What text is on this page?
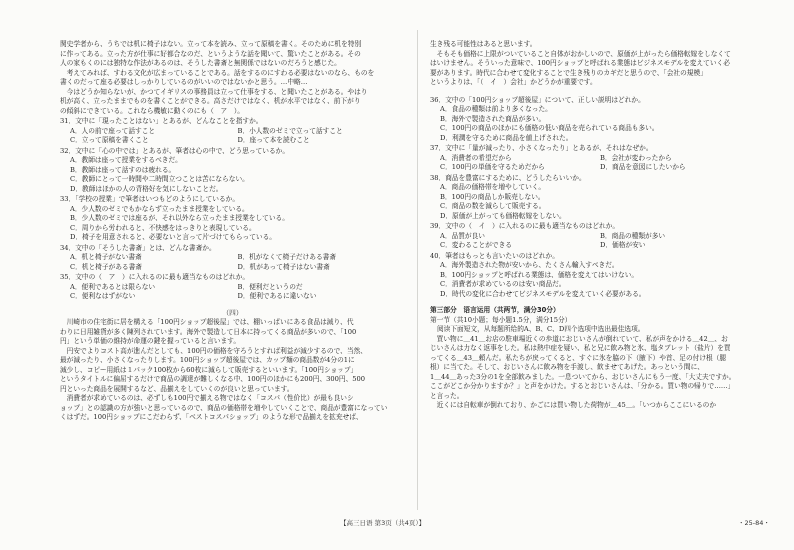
関史学者から、うちでは机に椅子はない。立って本を読み、立って原稿を書く。そのために机を特別

に作ってある。立った方が仕事に好都合なのだ、というような話を聞いて、驚いたことがある。その

人の家もくのには独特な作法があるのは、そうした書斎と無関係ではないのだろうと感じた。

　考えてみれば、すわる文化が広まっていることである。話をするのにすわる必要はないのなら、ものを

書くのだって座る必要はしっかりしているのがいいのではないかと思う。…中略…

　今はどうか知らないが、かつてイギリスの事務員は立って仕事をする、と聞いたことがある。やはり

机が高く、立ったままでものを書くことができる。高さだけではなく、机が水平ではなく、前下がり

の傾斜にできている。これなら機敏に動くのにも（　ア　）。

31．文中に「現ったことはない」とあるが、どんなことを指すか。

A．人の前で座って話すこと	B．小人数のゼミで立って話すこと
C．立って原稿を書くこと	D．座って本を読むこと

32．文中に「心の中では」とあるが、筆者は心の中で、どう思っているか。

A．教師は座って授業をするべきだ。

B．教師は座って話すのは疲れる。

C．教師にとって一時間や二時間立つことは苦にならない。

D．教師はほかの人の背格好を気にしないことだ。

33．「学校の授業」で筆者はいつもどのようにしているか。

A．少人数のゼミでもかならず立ったまま授業をしている。

B．少人数のゼミでは座るが、それ以外なら立ったまま授業をしている。

C．周りから労われると、不快感をはっきりと表現している。

D．椅子を用意されると、必要ないと言って片づけてもらっている。

34．文中の「そうした書斎」とは、どんな書斎か。

A．机と椅子がない書斎	B．机がなくて椅子だけある書斎
C．机と椅子がある書斎	D．机があって椅子はない書斎

35．文中の（　ア　）に入れるのに最も適当なものはどれか。

A．便利であるとは限らない	B．便利だというのだ
C．便利なはずがない	D．便利であるに違いない

（四）

　川崎市の住宅街に居を構える「100円ショップ超後屋」では、棚いっぱいにある食品は減り、代

わりに日用雑貨が多く陳列されています。海外で製造して日本に持ってくる商品が多いので、「100

円」という単価の維持が命運の鍵を握っていると言います。

　円安でよりコスト高が進んだとしても、100円の価格を守ろうとすれば利益が減少するので、当然、

最が減ったり、小さくなったりします。100円ショップ超後屋では、カップ麺の商品数が4分の1に

減少し、コピー用紙は１パック100枚から60枚に減らして販売するといいます。「100円ショップ」

というタイトルに偏屈するだけで商品の調達が難しくなる中、100円のほかにも200円、300円、500

円といった商品を展開するなど、品揃えをしていくのが良いと思っています。

　消費者が求めているのは、必ずしも100円で揃える物ではなく「コスパ（性价比）が最も良いシ

ョップ」との認識の方が強いと思っているので、商品の価格帯を増やしていくことで、商品が豊富になってい

くはずだ。100円ショップにこだわらず、「ベストコスパショップ」のような形で品揃えを拡充せば、

生き残る可能性はあると思います。

　そもそも価格に上限がついていること自体がおかしいので、原価が上がったら価格転嫁をしなくて

はいけません。そういった意味で、100円ショップと呼ばれる業態はビジネスモデルを変えていく必

要があります。時代に合わせて変化することで生き残りのカギだと思うので、「会社の規模」

というよりは、「（　イ　）会社」かどうかが重要です。

36．文中の「100円ショップ超後屋」について、正しい説明はどれか。

A．食品の種類は前より多くなった。

B．海外で製造された商品が多い。

C．100円の商品のほかにも価格の低い商品を売られている商品も多い。

D．利潤を守るために商品を値上げされた。

37．文中に「量が減ったり、小さくなったり」とあるが、それはなぜか。

A．消費者の希望だから	B．会社が変わったから
C．100円の単価を守るためだから	D．商品を意図にしたいから

38．商品を豊富にするために、どうしたらいいか。

A．商品の価格帯を増やしていく。

B．100円の商品しか販売しない。

C．商品の数を減らして販売する。

D．原価が上がっても価格転嫁をしない。

39．文中の（　イ　）に入れるのに最も適当なものはどれか。

A．品質が良い	B．商品の種類が多い
C．変わることができる	D．価格が安い

40．筆者はもっとも言いたいのはどれか。

A．海外製造された物が安いから、たくさん輸入すべきだ。

B．100円ショップと呼ばれる業態は、価格を変えてはいけない。

C．消費者が求めているのは安い商品だ。

D．時代の変化に合わせてビジネスモデルを変えていく必要がある。

第三部分　语言运用（共两节，满分30分）

第一节（共10小题；每小题1.5分，满分15分）

阅读下面短文，从每题所给的A、B、C、D四个选项中选出最佳选项。

　買い物に＿41＿お店の駐車場近くの歩道におじいさんが倒れていて、私が声をかける＿42＿、お

じいさんは力なく返事をした。私は熱中症を疑い、私と兄に飲み物と氷、塩タブレット（盐片）を買

ってくる＿43＿頼んだ。私たちが戻ってくると、すぐに氷を脇の下（腋下）や首、足の付け根（腿

根）に当てた。そして、おじいさんに飲み物を手渡し、飲ませてあげた。あっという間に、

1＿44＿あった3分の1を全部飲みました。一息ついてから、おじいさんにもう一度、「大丈夫ですか。

ここがどこか分かりますか？」と声をかけた。するとおじいさんは、「分かる。買い物の帰りで……」

と言った。

　近くには自転車が倒れており、かごには買い物した荷物が＿45＿。「いつからここにいるのか

【高三日语 第3页（共4页）】	・25-84・
